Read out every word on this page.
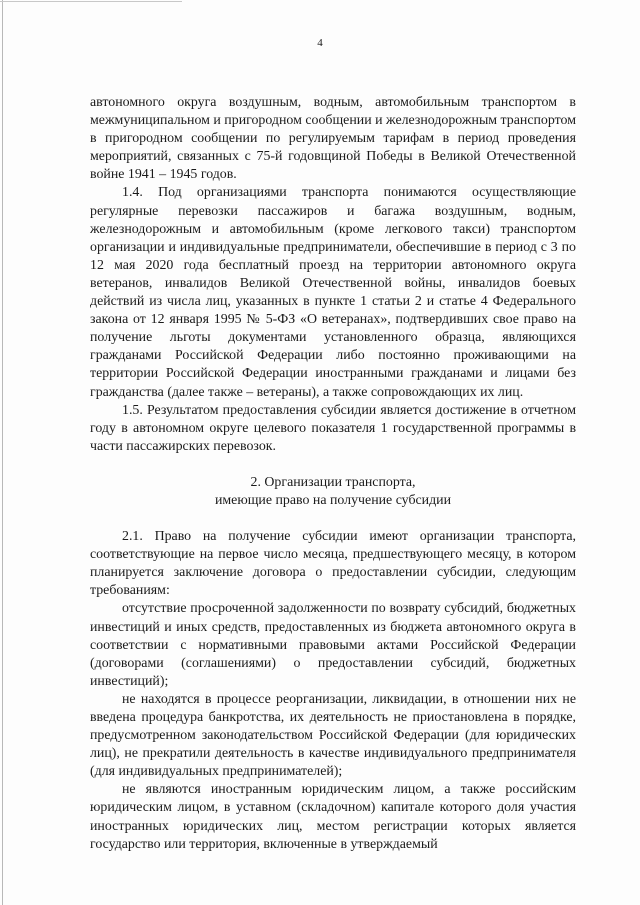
4

автономного округа воздушным, водным, автомобильным транспортом в межмуниципальном и пригородном сообщении и железнодорожным транспортом в пригородном сообщении по регулируемым тарифам в период проведения мероприятий, связанных с 75-й годовщиной Победы в Великой Отечественной войне 1941 – 1945 годов.

1.4. Под организациями транспорта понимаются осуществляющие регулярные перевозки пассажиров и багажа воздушным, водным, железнодорожным и автомобильным (кроме легкового такси) транспортом организации и индивидуальные предприниматели, обеспечившие в период с 3 по 12 мая 2020 года бесплатный проезд на территории автономного округа ветеранов, инвалидов Великой Отечественной войны, инвалидов боевых действий из числа лиц, указанных в пункте 1 статьи 2 и статье 4 Федерального закона от 12 января 1995 № 5-ФЗ «О ветеранах», подтвердивших свое право на получение льготы документами установленного образца, являющихся гражданами Российской Федерации либо постоянно проживающими на территории Российской Федерации иностранными гражданами и лицами без гражданства (далее также – ветераны), а также сопровождающих их лиц.

1.5. Результатом предоставления субсидии является достижение в отчетном году в автономном округе целевого показателя 1 государственной программы в части пассажирских перевозок.

2. Организации транспорта,
имеющие право на получение субсидии

2.1. Право на получение субсидии имеют организации транспорта, соответствующие на первое число месяца, предшествующего месяцу, в котором планируется заключение договора о предоставлении субсидии, следующим требованиям:

отсутствие просроченной задолженности по возврату субсидий, бюджетных инвестиций и иных средств, предоставленных из бюджета автономного округа в соответствии с нормативными правовыми актами Российской Федерации (договорами (соглашениями) о предоставлении субсидий, бюджетных инвестиций);

не находятся в процессе реорганизации, ликвидации, в отношении них не введена процедура банкротства, их деятельность не приостановлена в порядке, предусмотренном законодательством Российской Федерации (для юридических лиц), не прекратили деятельность в качестве индивидуального предпринимателя (для индивидуальных предпринимателей);

не являются иностранным юридическим лицом, а также российским юридическим лицом, в уставном (складочном) капитале которого доля участия иностранных юридических лиц, местом регистрации которых является государство или территория, включенные в утверждаемый
